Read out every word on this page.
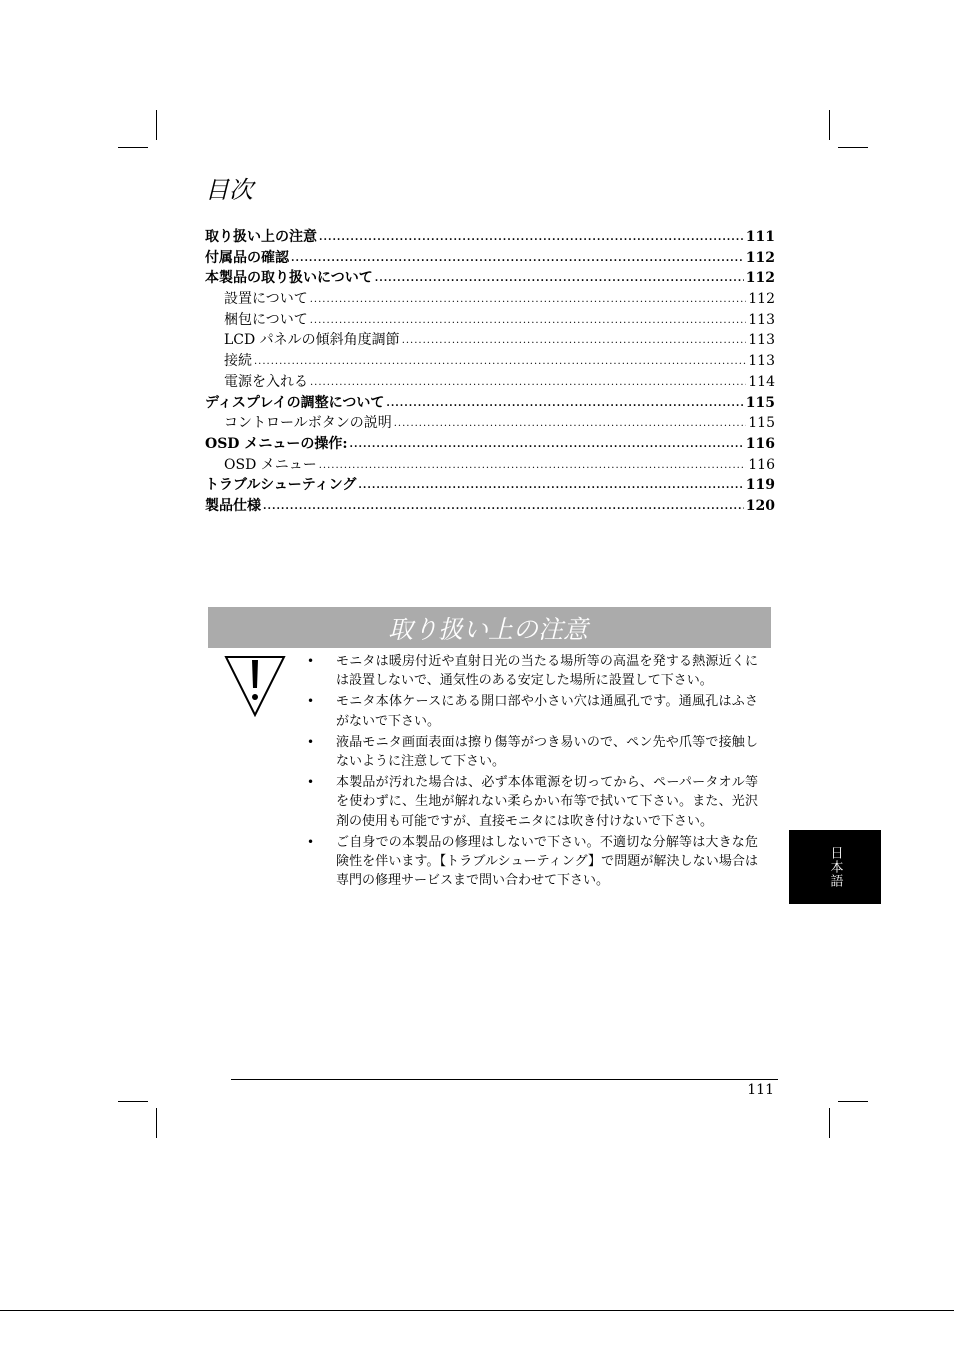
目次
取り扱い上の注意 .....	111
付属品の確認 .....	112
本製品の取り扱いについて .....	112
設置について .....	112
梱包について .....	113
LCD パネルの傾斜角度調節 .....	113
接続 .....	113
電源を入れる .....	114
ディスプレイの調整について .....	115
コントロールボタンの説明 .....	115
OSD メニューの操作: .....	116
OSD メニュー .....	116
トラブルシューティング .....	119
製品仕様 .....	120
取り扱い上の注意
• モニタは暖房付近や直射日光の当たる場所等の高温を発する熱源近くには設置しないで、通気性のある安定した場所に設置して下さい。
• モニタ本体ケースにある開口部や小さい穴は通風孔です。通風孔はふさがないで下さい。
• 液晶モニタ画面表面は擦り傷等がつき易いので、ペン先や爪等で接触しないように注意して下さい。
• 本製品が汚れた場合は、必ず本体電源を切ってから、ペーパータオル等を使わずに、生地が解れない柔らかい布等で拭いて下さい。また、光沢剤の使用も可能ですが、直接モニタには吹き付けないで下さい。
• ご自身での本製品の修理はしないで下さい。不適切な分解等は大きな危険性を伴います。【トラブルシューティング】で問題が解決しない場合は専門の修理サービスまで問い合わせて下さい。	日本語
111
